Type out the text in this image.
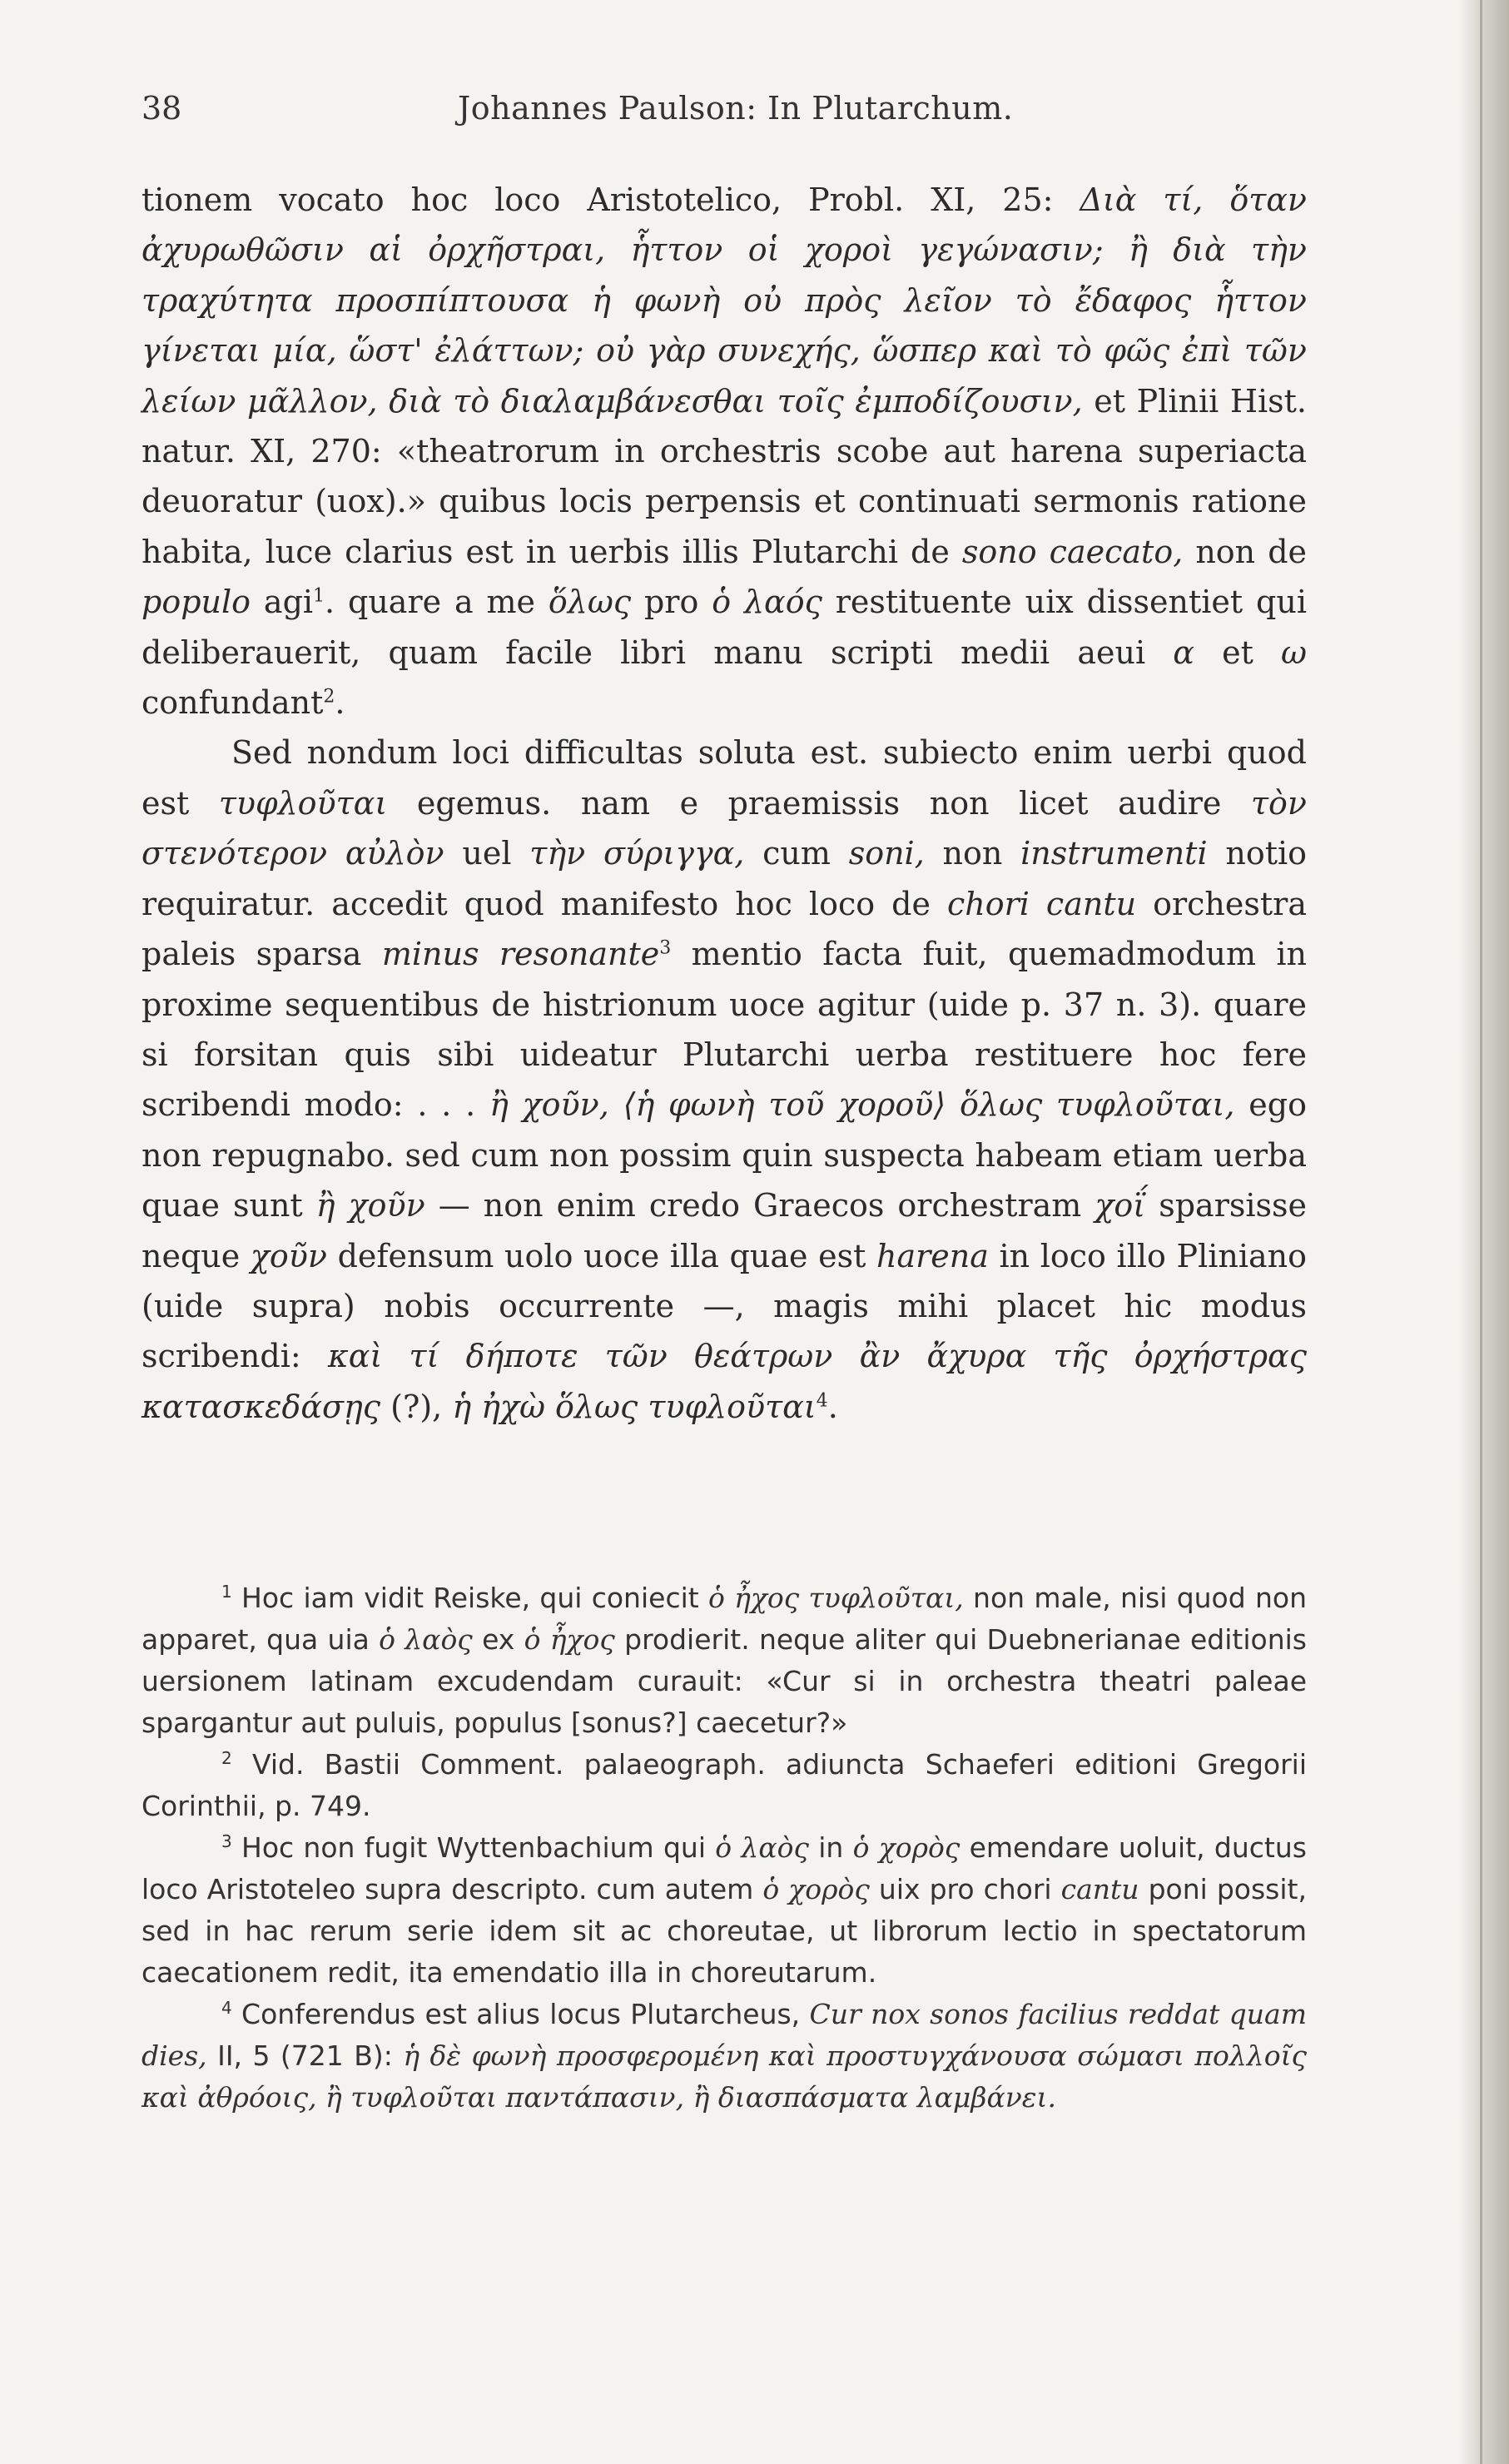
38	Johannes Paulson: In Plutarchum.

tionem vocato hoc loco Aristotelico, Probl. XI, 25: Διὰ τί, ὅταν ἀχυρωθῶσιν αἱ ὀρχῆστραι, ἧττον οἱ χοροὶ γεγώνασιν; ἢ διὰ τὴν τραχύτητα προσπίπτουσα ἡ φωνὴ οὐ πρὸς λεῖον τὸ ἔδαφος ἧττον γίνεται μία, ὥστ' ἐλάττων; οὐ γὰρ συνεχής, ὥσπερ καὶ τὸ φῶς ἐπὶ τῶν λείων μᾶλλον, διὰ τὸ διαλαμβάνεσθαι τοῖς ἐμποδίζουσιν, et Plinii Hist. natur. XI, 270: «theatrorum in orchestris scobe aut harena superiacta deuoratur (uox).» quibus locis perpensis et continuati sermonis ratione habita, luce clarius est in uerbis illis Plutarchi de sono caecato, non de populo agi$^1$. quare a me ὅλως pro ὁ λαός restituente uix dissentiet qui deliberauerit, quam facile libri manu scripti medii aeui α et ω confundant$^2$.

Sed nondum loci difficultas soluta est. subiecto enim uerbi quod est τυφλοῦται egemus. nam e praemissis non licet audire τὸν στενότερον αὐλὸν uel τὴν σύριγγα, cum soni, non instrumenti notio requiratur. accedit quod manifesto hoc loco de chori cantu orchestra paleis sparsa minus resonante$^3$ mentio facta fuit, quemadmodum in proxime sequentibus de histrionum uoce agitur (uide p. 37 n. 3). quare si forsitan quis sibi uideatur Plutarchi uerba restituere hoc fere scribendi modo: . . . ἢ χοῦν, ⟨ἡ φωνὴ τοῦ χοροῦ⟩ ὅλως τυφλοῦται, ego non repugnabo. sed cum non possim quin suspecta habeam etiam uerba quae sunt ἢ χοῦν — non enim credo Graecos orchestram χοΐ sparsisse neque χοῦν defensum uolo uoce illa quae est harena in loco illo Pliniano (uide supra) nobis occurrente —, magis mihi placet hic modus scribendi: καὶ τί δήποτε τῶν θεάτρων ἂν ἄχυρα τῆς ὀρχήστρας κατασκεδάσῃς (?), ἡ ἠχὼ ὅλως τυφλοῦται$^4$.

$^1$ Hoc iam vidit Reiske, qui coniecit ὁ ἦχος τυφλοῦται, non male, nisi quod non apparet, qua uia ὁ λαὸς ex ὁ ἦχος prodierit. neque aliter qui Duebnerianae editionis uersionem latinam excudendam curauit: «Cur si in orchestra theatri paleae spargantur aut puluis, populus [sonus?] caecetur?»

$^2$ Vid. Bastii Comment. palaeograph. adiuncta Schaeferi editioni Gregorii Corinthii, p. 749.

$^3$ Hoc non fugit Wyttenbachium qui ὁ λαὸς in ὁ χορὸς emendare uoluit, ductus loco Aristoteleo supra descripto. cum autem ὁ χορὸς uix pro chori cantu poni possit, sed in hac rerum serie idem sit ac choreutae, ut librorum lectio in spectatorum caecationem redit, ita emendatio illa in choreutarum.

$^4$ Conferendus est alius locus Plutarcheus, Cur nox sonos facilius reddat quam dies, II, 5 (721 B): ἡ δὲ φωνὴ προσφερομένη καὶ προστυγχάνουσα σώμασι πολλοῖς καὶ ἀθρόοις, ἢ τυφλοῦται παντάπασιν, ἢ διασπάσματα λαμβάνει.
